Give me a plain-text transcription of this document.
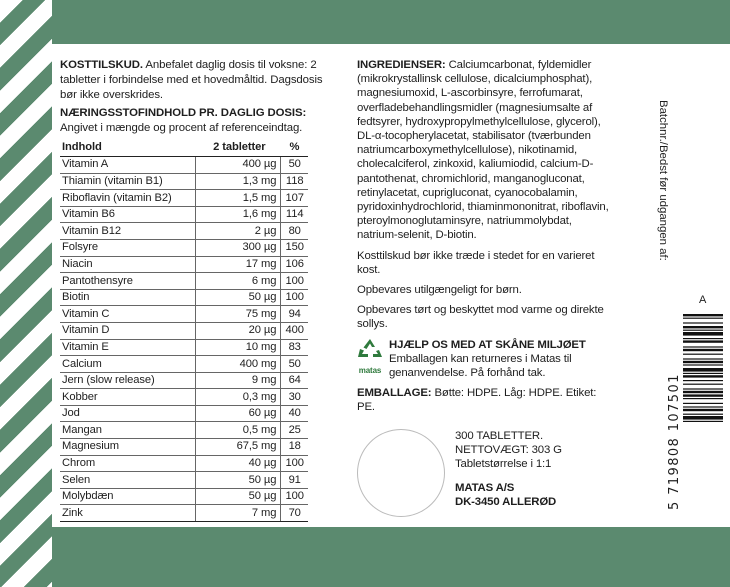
KOSTTILSKUD. Anbefalet daglig dosis til voksne: 2 tabletter i forbindelse med et hovedmåltid. Dagsdosis bør ikke overskrides.

NÆRINGSSTOFINDHOLD PR. DAGLIG DOSIS:

Angivet i mængde og procent af referenceindtag.

Indhold	2 tabletter	%
Vitamin A	400 µg	50
Thiamin (vitamin B1)	1,3 mg	118
Riboflavin (vitamin B2)	1,5 mg	107
Vitamin B6	1,6 mg	114
Vitamin B12	2 µg	80
Folsyre	300 µg	150
Niacin	17 mg	106
Pantothensyre	6 mg	100
Biotin	50 µg	100
Vitamin C	75 mg	94
Vitamin D	20 µg	400
Vitamin E	10 mg	83
Calcium	400 mg	50
Jern (slow release)	9 mg	64
Kobber	0,3 mg	30
Jod	60 µg	40
Mangan	0,5 mg	25
Magnesium	67,5 mg	18
Chrom	40 µg	100
Selen	50 µg	91
Molybdæn	50 µg	100
Zink	7 mg	70

INGREDIENSER: Calciumcarbonat, fyldemidler (mikrokrystallinsk cellulose, dicalciumphosphat), magnesiumoxid, L-ascorbinsyre, ferrofumarat, overfladebehandlingsmidler (magnesiumsalte af fedtsyrer, hydroxypropylmethylcellulose, glycerol), DL-α-tocopherylacetat, stabilisator (tværbunden natriumcarboxymethylcellulose), nikotinamid, cholecalciferol, zinkoxid, kaliumiodid, calcium-D-pantothenat, chromichlorid, manganogluconat, retinylacetat, cuprigluconat, cyanocobalamin, pyridoxinhydrochlorid, thiaminmononitrat, riboflavin, pteroylmonoglutaminsyre, natriummolybdat, natrium-selenit, D-biotin.

Kosttilskud bør ikke træde i stedet for en varieret kost.

Opbevares utilgængeligt for børn.

Opbevares tørt og beskyttet mod varme og direkte sollys.

matas
HJÆLP OS MED AT SKÅNE MILJØET
Emballagen kan returneres i Matas til genanvendelse. På forhånd tak.

EMBALLAGE: Bøtte: HDPE. Låg: HDPE. Etiket: PE.

300 TABLETTER.
NETTOVÆGT: 303 G
Tabletstørrelse i 1:1
MATAS A/S
DK-3450 ALLERØD
Batchnr./Bedst før udgangen af:
A
5 719808 107501
